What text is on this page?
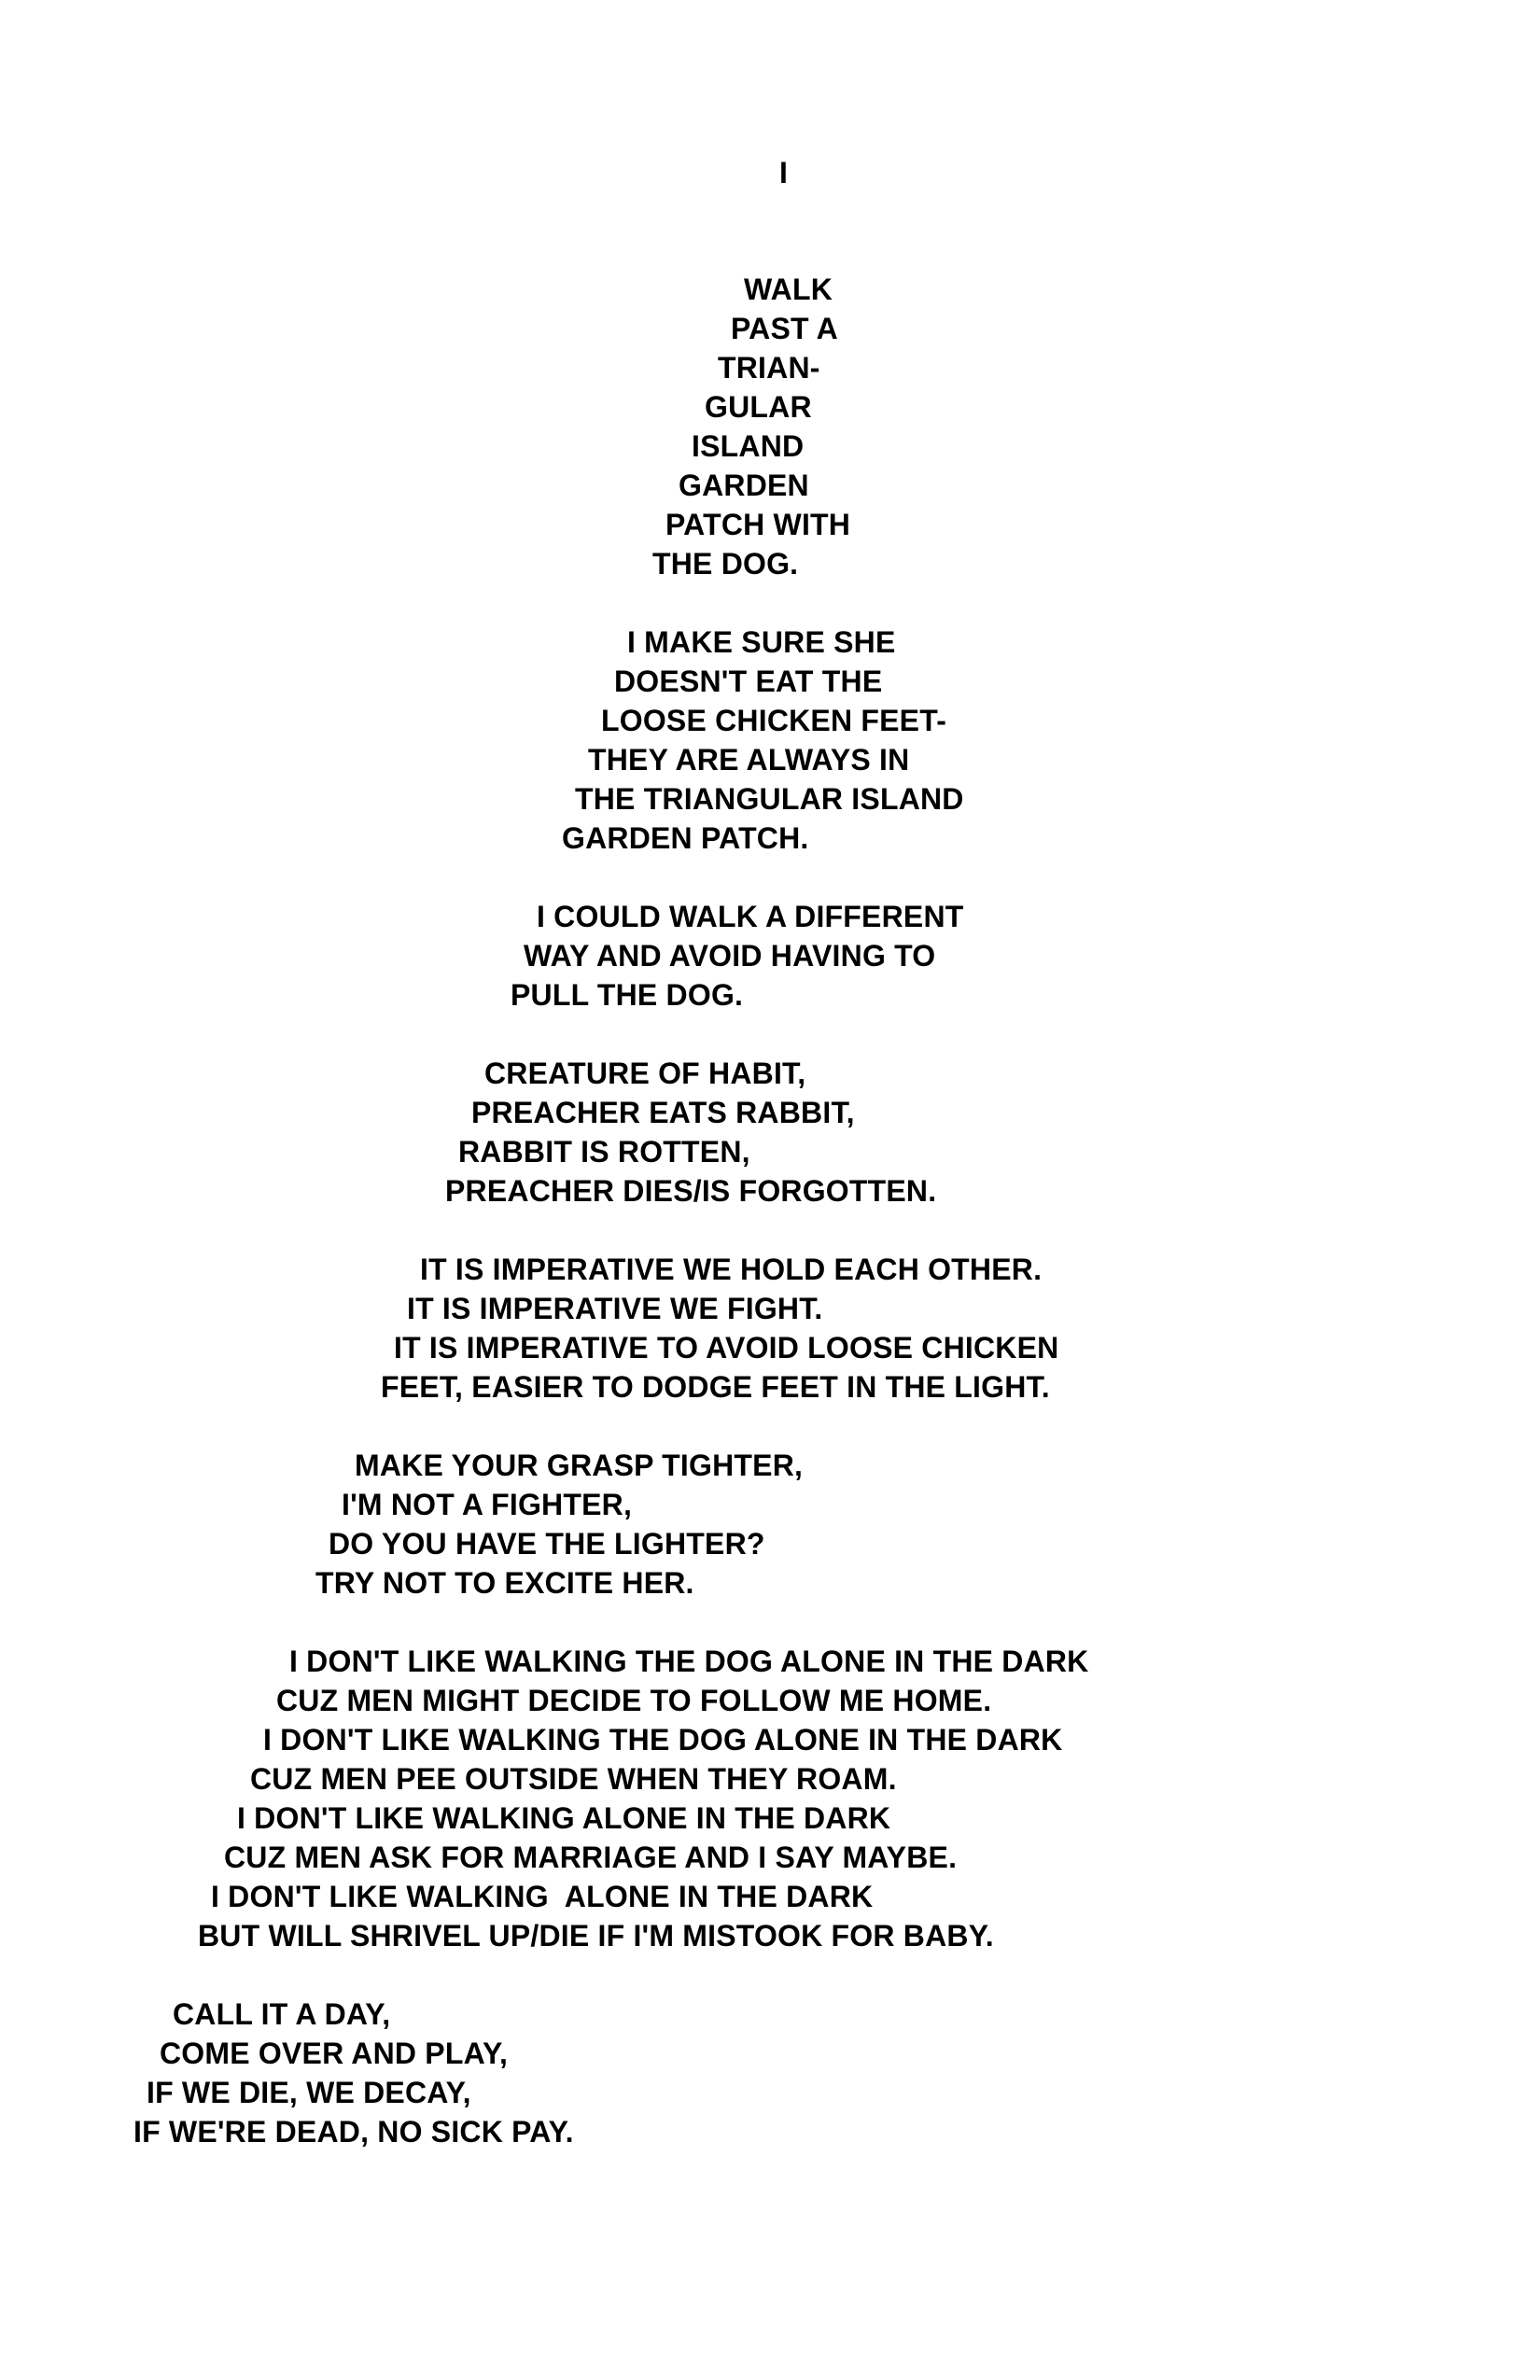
I

WALK

PAST A

TRIAN-

GULAR

ISLAND

GARDEN

PATCH WITH

THE DOG.

I MAKE SURE SHE

DOESN'T EAT THE

LOOSE CHICKEN FEET-

THEY ARE ALWAYS IN

THE TRIANGULAR ISLAND

GARDEN PATCH.

I COULD WALK A DIFFERENT

WAY AND AVOID HAVING TO

PULL THE DOG.

CREATURE OF HABIT,

PREACHER EATS RABBIT,

RABBIT IS ROTTEN,

PREACHER DIES/IS FORGOTTEN.

IT IS IMPERATIVE WE HOLD EACH OTHER.

IT IS IMPERATIVE WE FIGHT.

IT IS IMPERATIVE TO AVOID LOOSE CHICKEN

FEET, EASIER TO DODGE FEET IN THE LIGHT.

MAKE YOUR GRASP TIGHTER,

I'M NOT A FIGHTER,

DO YOU HAVE THE LIGHTER?

TRY NOT TO EXCITE HER.

I DON'T LIKE WALKING THE DOG ALONE IN THE DARK

CUZ MEN MIGHT DECIDE TO FOLLOW ME HOME.

I DON'T LIKE WALKING THE DOG ALONE IN THE DARK

CUZ MEN PEE OUTSIDE WHEN THEY ROAM.

I DON'T LIKE WALKING ALONE IN THE DARK

CUZ MEN ASK FOR MARRIAGE AND I SAY MAYBE.

I DON'T LIKE WALKING  ALONE IN THE DARK

BUT WILL SHRIVEL UP/DIE IF I'M MISTOOK FOR BABY.

CALL IT A DAY,

COME OVER AND PLAY,

IF WE DIE, WE DECAY,

IF WE'RE DEAD, NO SICK PAY.
